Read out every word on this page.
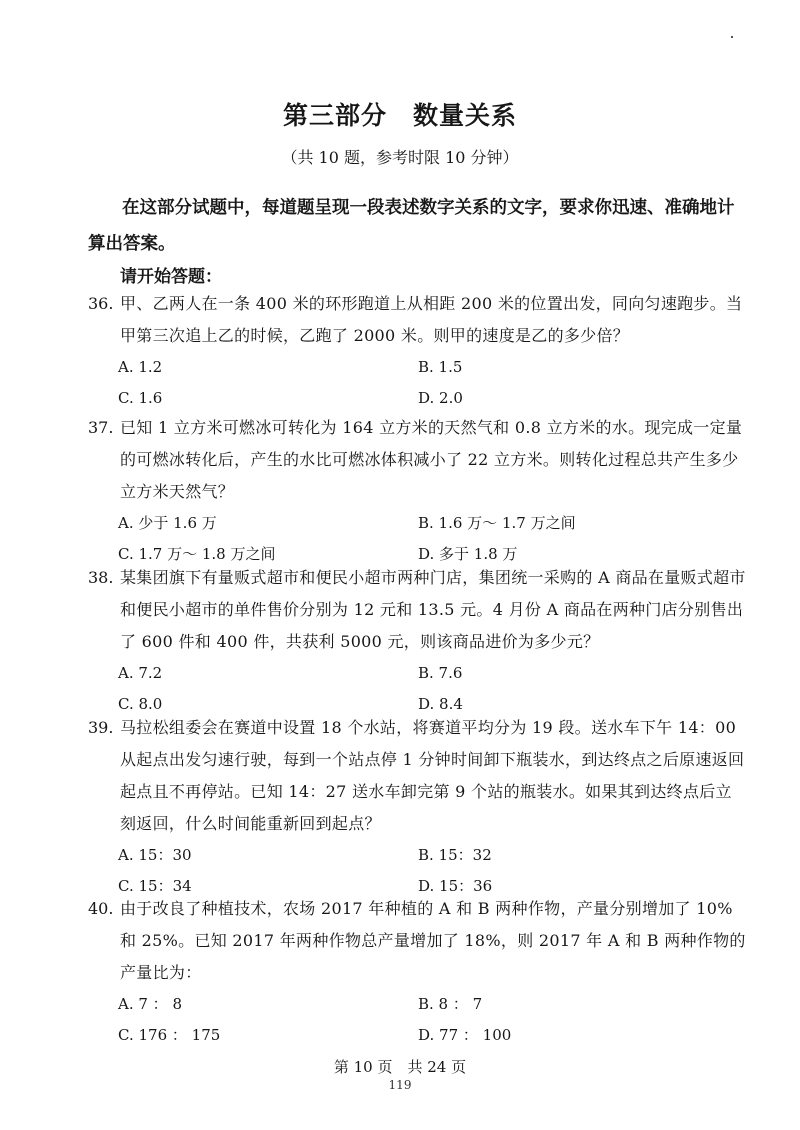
第三部分　数量关系
（共 10 题，参考时限 10 分钟）
在这部分试题中，每道题呈现一段表述数字关系的文字，要求你迅速、准确地计算出答案。
请开始答题：
36. 甲、乙两人在一条 400 米的环形跑道上从相距 200 米的位置出发，同向匀速跑步。当甲第三次追上乙的时候，乙跑了 2000 米。则甲的速度是乙的多少倍？
A. 1.2	B. 1.5
C. 1.6	D. 2.0
37. 已知 1 立方米可燃冰可转化为 164 立方米的天然气和 0.8 立方米的水。现完成一定量的可燃冰转化后，产生的水比可燃冰体积减小了 22 立方米。则转化过程总共产生多少立方米天然气？
A. 少于 1.6 万	B. 1.6 万～ 1.7 万之间
C. 1.7 万～ 1.8 万之间	D. 多于 1.8 万
38. 某集团旗下有量贩式超市和便民小超市两种门店，集团统一采购的 A 商品在量贩式超市和便民小超市的单件售价分别为 12 元和 13.5 元。4 月份 A 商品在两种门店分别售出了 600 件和 400 件，共获利 5000 元，则该商品进价为多少元？
A. 7.2	B. 7.6
C. 8.0	D. 8.4
39. 马拉松组委会在赛道中设置 18 个水站，将赛道平均分为 19 段。送水车下午 14：00 从起点出发匀速行驶，每到一个站点停 1 分钟时间卸下瓶装水，到达终点之后原速返回起点且不再停站。已知 14：27 送水车卸完第 9 个站的瓶装水。如果其到达终点后立刻返回，什么时间能重新回到起点？
A. 15：30	B. 15：32
C. 15：34	D. 15：36
40. 由于改良了种植技术，农场 2017 年种植的 A 和 B 两种作物，产量分别增加了 10% 和 25%。已知 2017 年两种作物总产量增加了 18%，则 2017 年 A 和 B 两种作物的产量比为：
A. 7 ： 8	B. 8 ： 7
C. 176 ： 175	D. 77 ： 100
第 10 页　共 24 页
119
